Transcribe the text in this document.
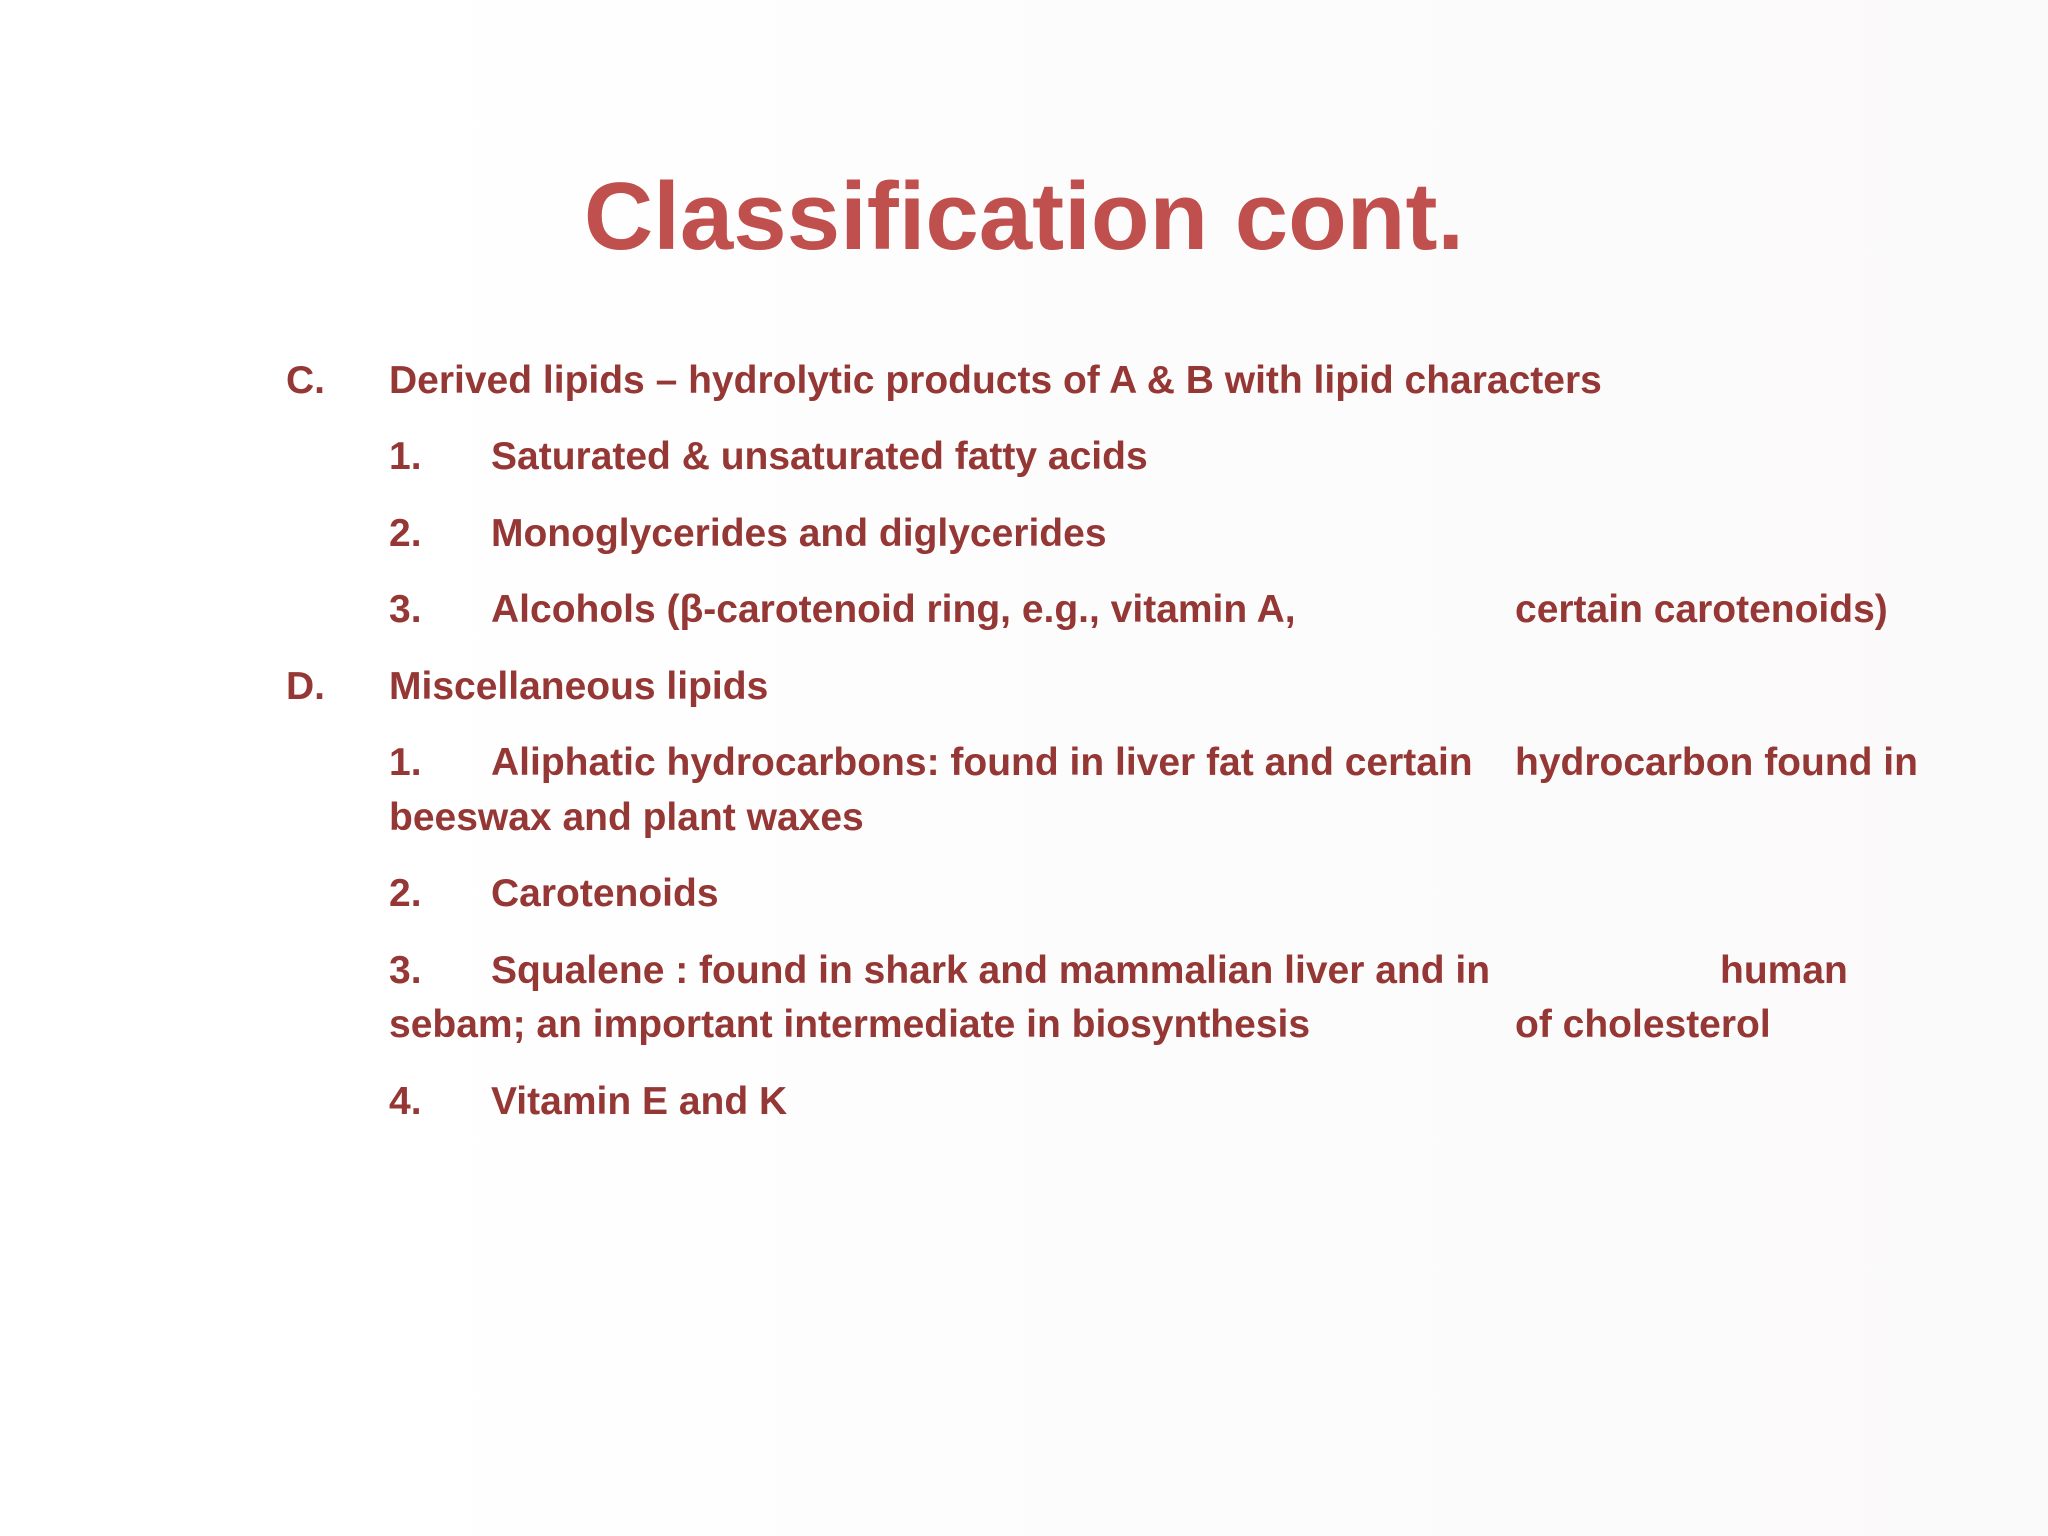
Classification cont.
C. Derived lipids – hydrolytic products of A & B with lipid characters
1. Saturated & unsaturated fatty acids
2. Monoglycerides and diglycerides
3. Alcohols (β-carotenoid ring, e.g., vitamin A,	certain carotenoids)
D. Miscellaneous lipids
1. Aliphatic hydrocarbons: found in liver fat and certain hydrocarbon found in
beeswax and plant waxes
2. Carotenoids
3. Squalene : found in shark and mammalian liver and in	human
sebam; an important intermediate in biosynthesis	of cholesterol
4. Vitamin E and K
